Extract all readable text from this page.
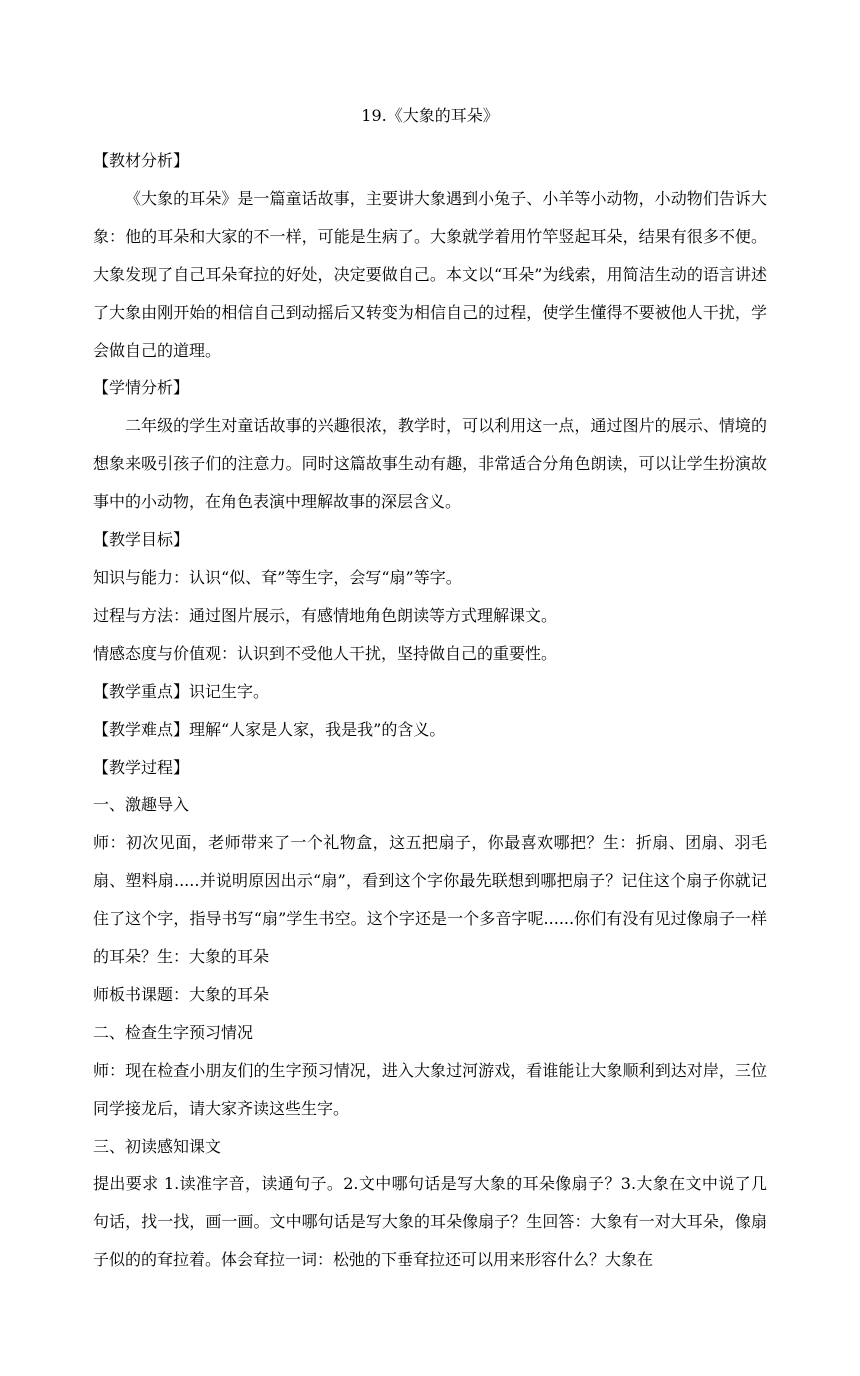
19.《大象的耳朵》

【教材分析】

《大象的耳朵》是一篇童话故事，主要讲大象遇到小兔子、小羊等小动物，小动物们告诉大象：他的耳朵和大家的不一样，可能是生病了。大象就学着用竹竿竖起耳朵，结果有很多不便。大象发现了自己耳朵耷拉的好处，决定要做自己。本文以“耳朵”为线索，用简洁生动的语言讲述了大象由刚开始的相信自己到动摇后又转变为相信自己的过程，使学生懂得不要被他人干扰，学会做自己的道理。

【学情分析】

二年级的学生对童话故事的兴趣很浓，教学时，可以利用这一点，通过图片的展示、情境的想象来吸引孩子们的注意力。同时这篇故事生动有趣，非常适合分角色朗读，可以让学生扮演故事中的小动物，在角色表演中理解故事的深层含义。

【教学目标】

知识与能力：认识“似、耷”等生字，会写“扇”等字。

过程与方法：通过图片展示，有感情地角色朗读等方式理解课文。

情感态度与价值观：认识到不受他人干扰，坚持做自己的重要性。

【教学重点】识记生字。

【教学难点】理解“人家是人家，我是我”的含义。

【教学过程】

一、激趣导入

师：初次见面，老师带来了一个礼物盒，这五把扇子，你最喜欢哪把？生：折扇、团扇、羽毛扇、塑料扇.....并说明原因出示“扇”，看到这个字你最先联想到哪把扇子？记住这个扇子你就记住了这个字，指导书写“扇”学生书空。这个字还是一个多音字呢......你们有没有见过像扇子一样的耳朵？生：大象的耳朵

师板书课题：大象的耳朵

二、检查生字预习情况

师：现在检查小朋友们的生字预习情况，进入大象过河游戏，看谁能让大象顺利到达对岸，三位同学接龙后，请大家齐读这些生字。

三、初读感知课文

提出要求 1.读准字音，读通句子。2.文中哪句话是写大象的耳朵像扇子？3.大象在文中说了几句话，找一找，画一画。文中哪句话是写大象的耳朵像扇子？生回答：大象有一对大耳朵，像扇子似的的耷拉着。体会耷拉一词：松弛的下垂耷拉还可以用来形容什么？大象在
